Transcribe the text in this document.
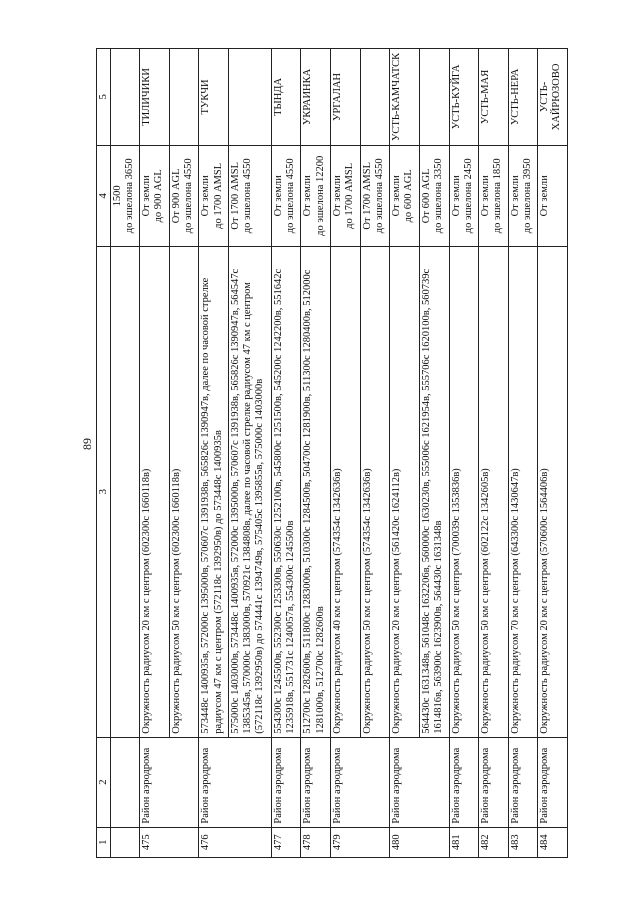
89
1	2	3	4	5
			1500
до эшелона 3650	
475	Район аэродрома	Окружность радиусом 20 км с центром (602300с 1660118в)	От земли
до 900 AGL	ТИЛИЧИКИ
		Окружность радиусом 50 км с центром (602300с 1660118в)	От 900 AGL
до эшелона 4550	
476	Район аэродрома	573448с 1400935в, 572000с 1395000в, 570607с 1391938в, 565826с 1390947в, далее по часовой стрелке радиусом 47 км с центром (572118с 1392950в) до 573448с 1400935в	От земли
до 1700 AMSL	ТУКЧИ
		575000с 1403000в, 573448с 1400935в, 572000с 1395000в, 570607с 1391938в, 565826с 1390947в, 564547с 1385345в, 570000с 1383000в, 570921с 1384808в, далее по часовой стрелке радиусом 47 км с центром (572118с 1392950в) до 574441с 1394749в, 575405с 1395855в, 575000с 1403000в	От 1700 AMSL
до эшелона 4550	
477	Район аэродрома	554300с 1245500в, 552300с 1253300в, 550630с 1252100в, 545800с 1251500в, 545200с 1242200в, 551642с 1235918в, 551731с 1240057в, 554300с 1245500в	От земли
до эшелона 4550	ТЫНДА
478	Район аэродрома	512700с 1282600в, 511800с 1283000в, 510300с 1284500в, 504700с 1281900в, 511300с 1280400в, 512000с 1281000в, 512700с 1282600в	От земли
до эшелона 12200	УКРАИНКА
479	Район аэродрома	Окружность радиусом 40 км с центром (574354с 1342636в)	От земли
до 1700 AMSL	УРГАЛАН
		Окружность радиусом 50 км с центром (574354с 1342636в)	От 1700 AMSL
до эшелона 4550	
480	Район аэродрома	Окружность радиусом 20 км с центром (561420с 1624112в)	От земли
до 600 AGL	УСТЬ-КАМЧАТСК
		564430с 1631348в, 561048с 1632206в, 560000с 1630230в, 555006с 1621954в, 555706с 1620100в, 560739с 1614816в, 563900с 1623900в, 564430с 1631348в	От 600 AGL
до эшелона 3350	
481	Район аэродрома	Окружность радиусом 50 км с центром (700039с 1353836в)	От земли
до эшелона 2450	УСТЬ-КУЙГА
482	Район аэродрома	Окружность радиусом 50 км с центром (602122с 1342605в)	От земли
до эшелона 1850	УСТЬ-МАЯ
483	Район аэродрома	Окружность радиусом 70 км с центром (643300с 1430647в)	От земли
до эшелона 3950	УСТЬ-НЕРА
484	Район аэродрома	Окружность радиусом 20 км с центром (570600с 1564406в)	От земли	УСТЬ-ХАЙРЮЗОВО
